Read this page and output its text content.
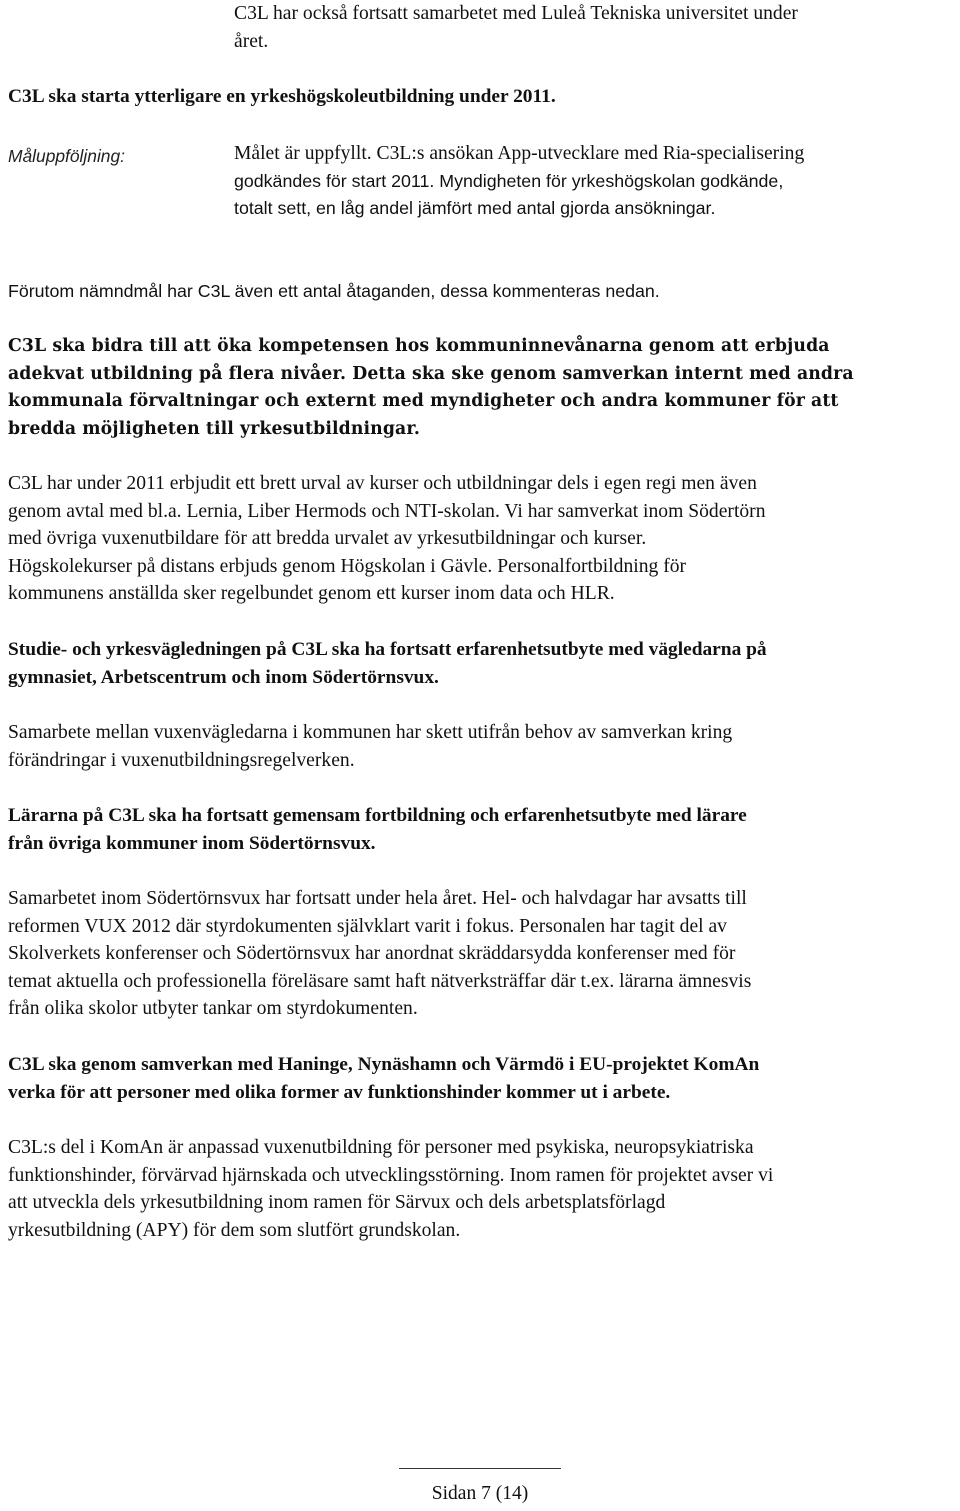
C3L har också fortsatt samarbetet med Luleå Tekniska universitet under
året.
C3L ska starta ytterligare en yrkeshögskoleutbildning under 2011.
Måluppföljning:	Målet är uppfyllt. C3L:s ansökan App-utvecklare med Ria-specialisering
godkändes för start 2011. Myndigheten för yrkeshögskolan godkände,
totalt sett, en låg andel jämfört med antal gjorda ansökningar.
Förutom nämndmål har C3L även ett antal åtaganden, dessa kommenteras nedan.
C3L ska bidra till att öka kompetensen hos kommuninnevånarna genom att erbjuda
adekvat utbildning på flera nivåer. Detta ska ske genom samverkan internt med andra
kommunala förvaltningar och externt med myndigheter och andra kommuner för att
bredda möjligheten till yrkesutbildningar.
C3L har under 2011 erbjudit ett brett urval av kurser och utbildningar dels i egen regi men även
genom avtal med bl.a. Lernia, Liber Hermods och NTI-skolan. Vi har samverkat inom Södertörn
med övriga vuxenutbildare för att bredda urvalet av yrkesutbildningar och kurser.
Högskolekurser på distans erbjuds genom Högskolan i Gävle. Personalfortbildning för
kommunens anställda sker regelbundet genom ett kurser inom data och HLR.
Studie- och yrkesvägledningen på C3L ska ha fortsatt erfarenhetsutbyte med vägledarna på
gymnasiet, Arbetscentrum och inom Södertörnsvux.
Samarbete mellan vuxenvägledarna i kommunen har skett utifrån behov av samverkan kring
förändringar i vuxenutbildningsregelverken.
Lärarna på C3L ska ha fortsatt gemensam fortbildning och erfarenhetsutbyte med lärare
från övriga kommuner inom Södertörnsvux.
Samarbetet inom Södertörnsvux har fortsatt under hela året. Hel- och halvdagar har avsatts till
reformen VUX 2012 där styrdokumenten självklart varit i fokus. Personalen har tagit del av
Skolverkets konferenser och Södertörnsvux har anordnat skräddarsydda konferenser med för
temat aktuella och professionella föreläsare samt haft nätverksträffar där t.ex. lärarna ämnesvis
från olika skolor utbyter tankar om styrdokumenten.
C3L ska genom samverkan med Haninge, Nynäshamn och Värmdö i EU-projektet KomAn
verka för att personer med olika former av funktionshinder kommer ut i arbete.
C3L:s del i KomAn är anpassad vuxenutbildning för personer med psykiska, neuropsykiatriska
funktionshinder, förvärvad hjärnskada och utvecklingsstörning. Inom ramen för projektet avser vi
att utveckla dels yrkesutbildning inom ramen för Särvux och dels arbetsplatsförlagd
yrkesutbildning (APY) för dem som slutfört grundskolan.
Sidan 7 (14)
